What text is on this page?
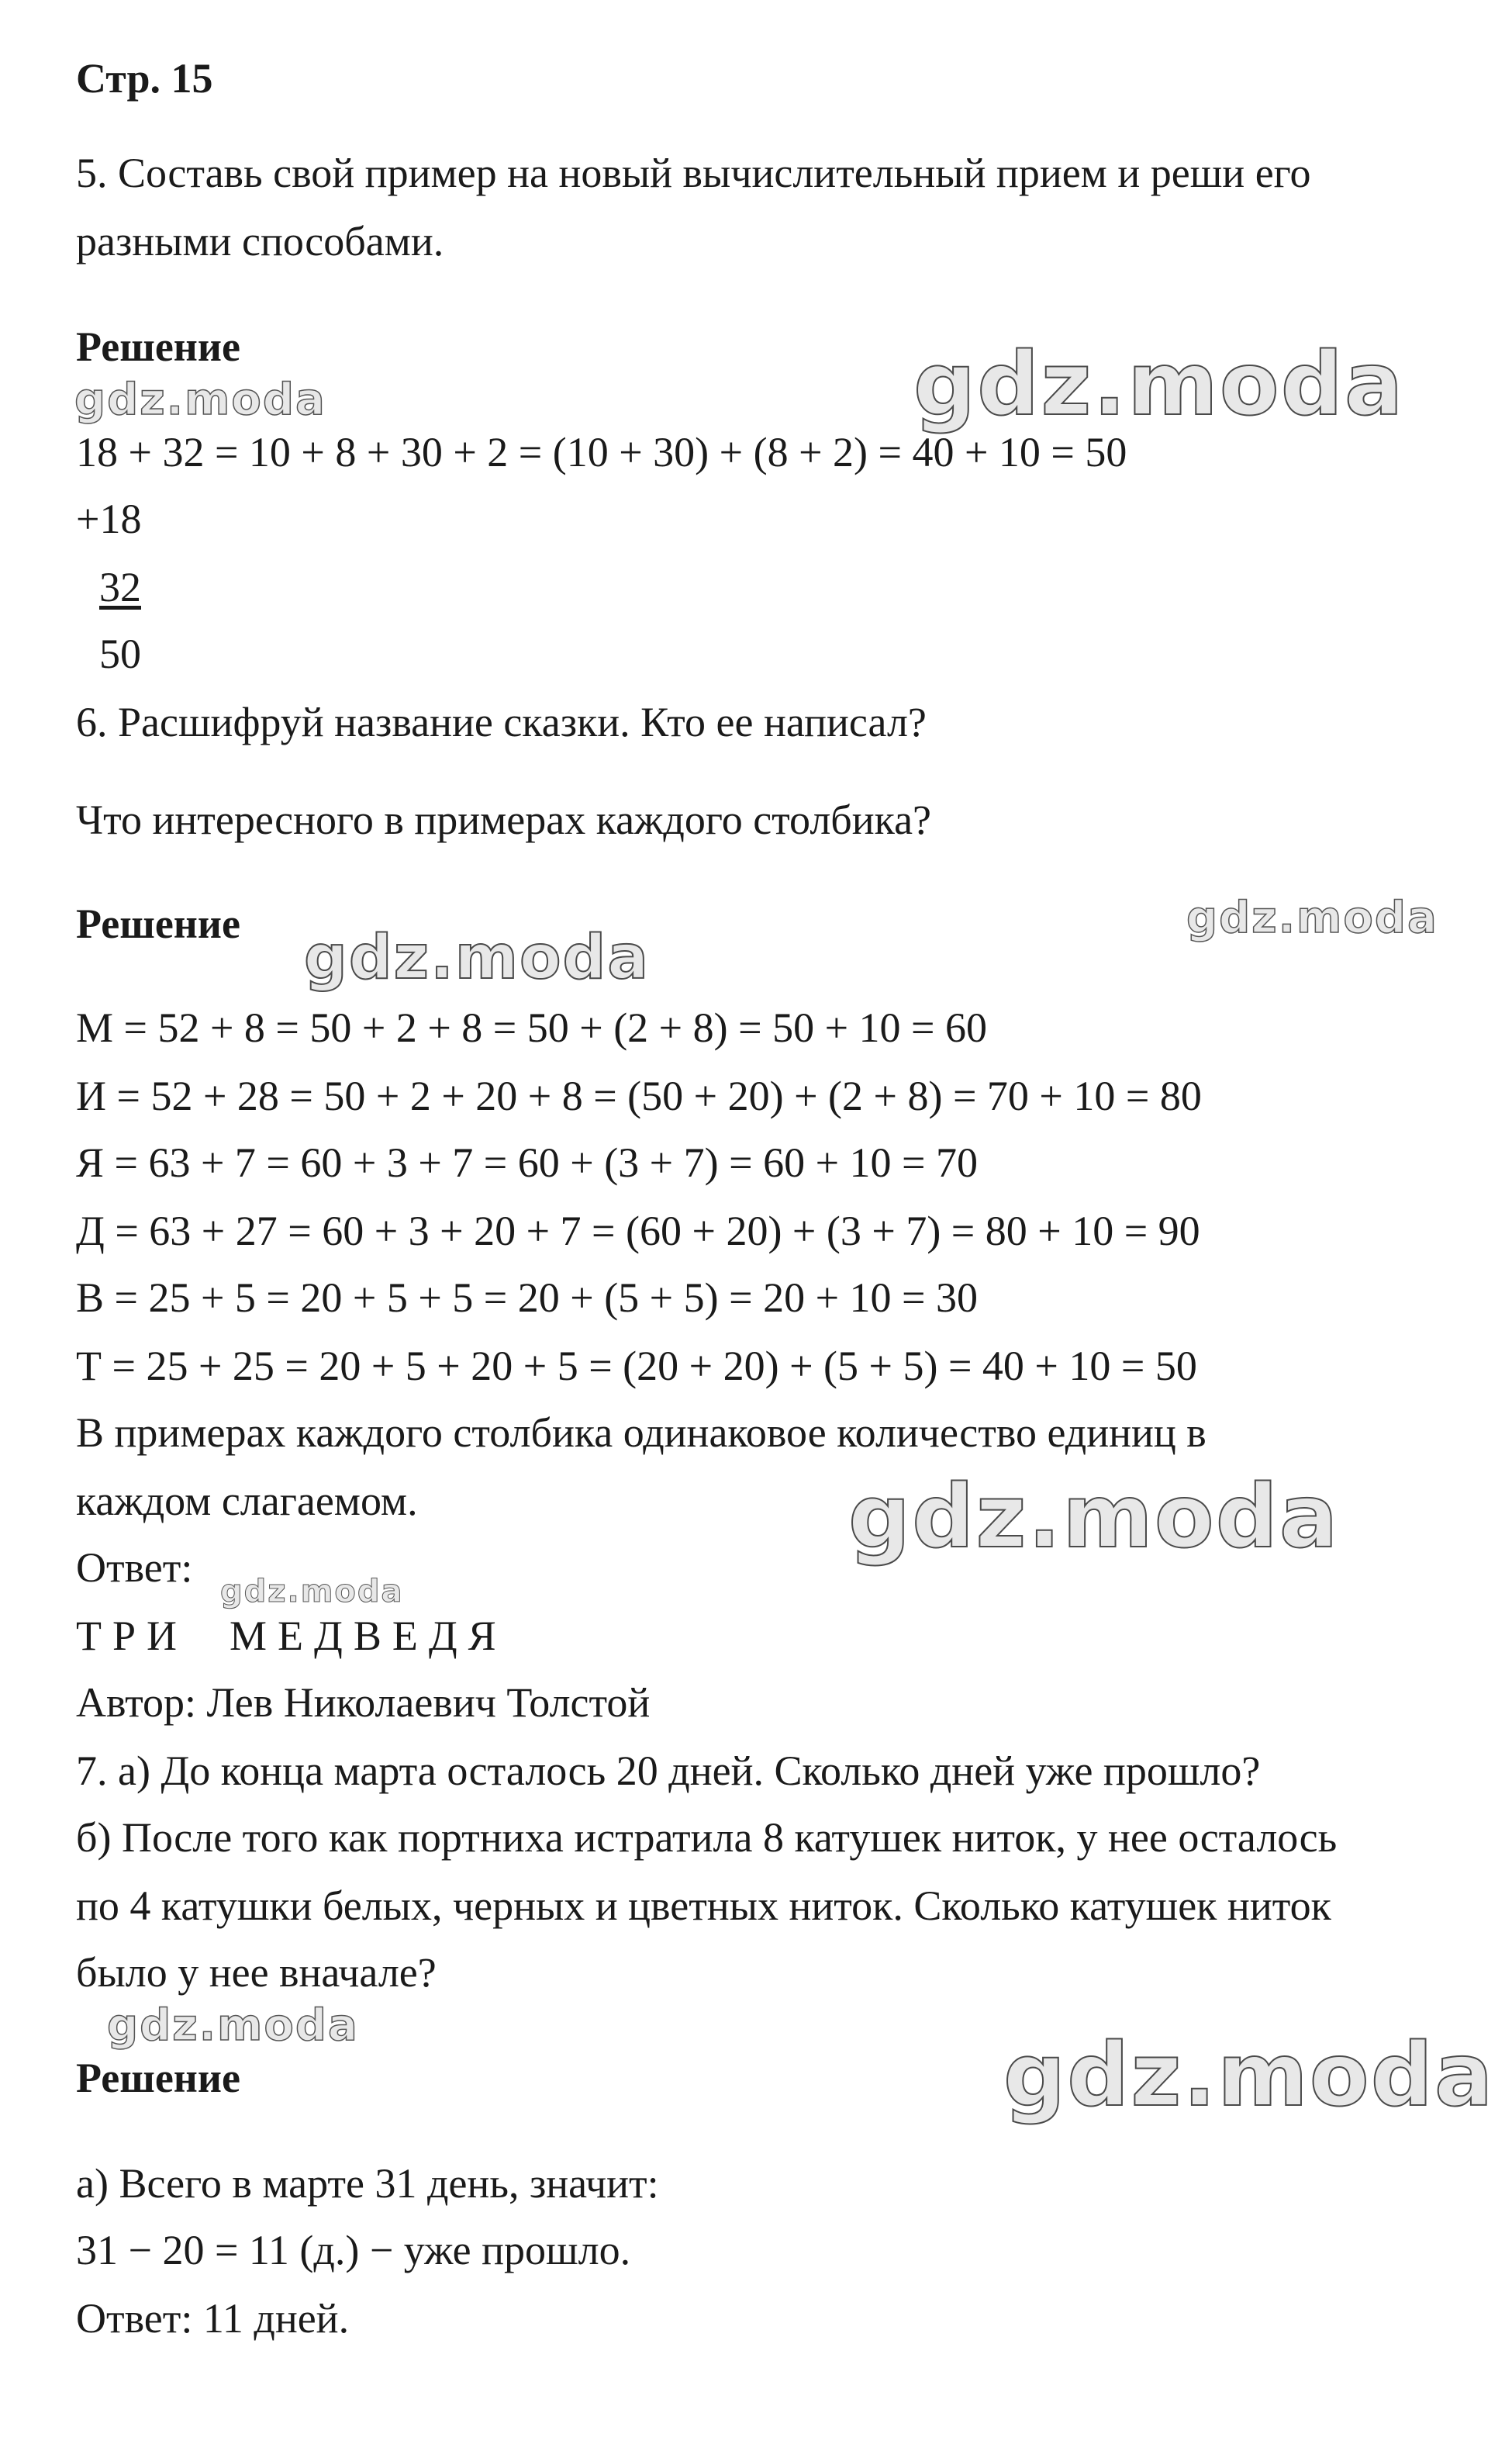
Стр. 15
5. Составь свой пример на новый вычислительный прием и реши его
разными способами.
Решение
18 + 32 = 10 + 8 + 30 + 2 = (10 + 30) + (8 + 2) = 40 + 10 = 50
+18
32
50
6. Расшифруй название сказки. Кто ее написал?
Что интересного в примерах каждого столбика?
Решение
М = 52 + 8 = 50 + 2 + 8 = 50 + (2 + 8) = 50 + 10 = 60
И = 52 + 28 = 50 + 2 + 20 + 8 = (50 + 20) + (2 + 8) = 70 + 10 = 80
Я = 63 + 7 = 60 + 3 + 7 = 60 + (3 + 7) = 60 + 10 = 70
Д = 63 + 27 = 60 + 3 + 20 + 7 = (60 + 20) + (3 + 7) = 80 + 10 = 90
В = 25 + 5 = 20 + 5 + 5 = 20 + (5 + 5) = 20 + 10 = 30
Т = 25 + 25 = 20 + 5 + 20 + 5 = (20 + 20) + (5 + 5) = 40 + 10 = 50
В примерах каждого столбика одинаковое количество единиц в
каждом слагаемом.
Ответ:
ТРИ МЕДВЕДЯ
Автор: Лев Николаевич Толстой
7. а) До конца марта осталось 20 дней. Сколько дней уже прошло?
б) После того как портниха истратила 8 катушек ниток, у нее осталось
по 4 катушки белых, черных и цветных ниток. Сколько катушек ниток
было у нее вначале?
Решение
а) Всего в марте 31 день, значит:
31 − 20 = 11 (д.) − уже прошло.
Ответ: 11 дней.
gdz.moda	gdz.moda
gdz.moda
gdz.moda
gdz.moda
gdz.moda
gdz.moda	gdz.moda
